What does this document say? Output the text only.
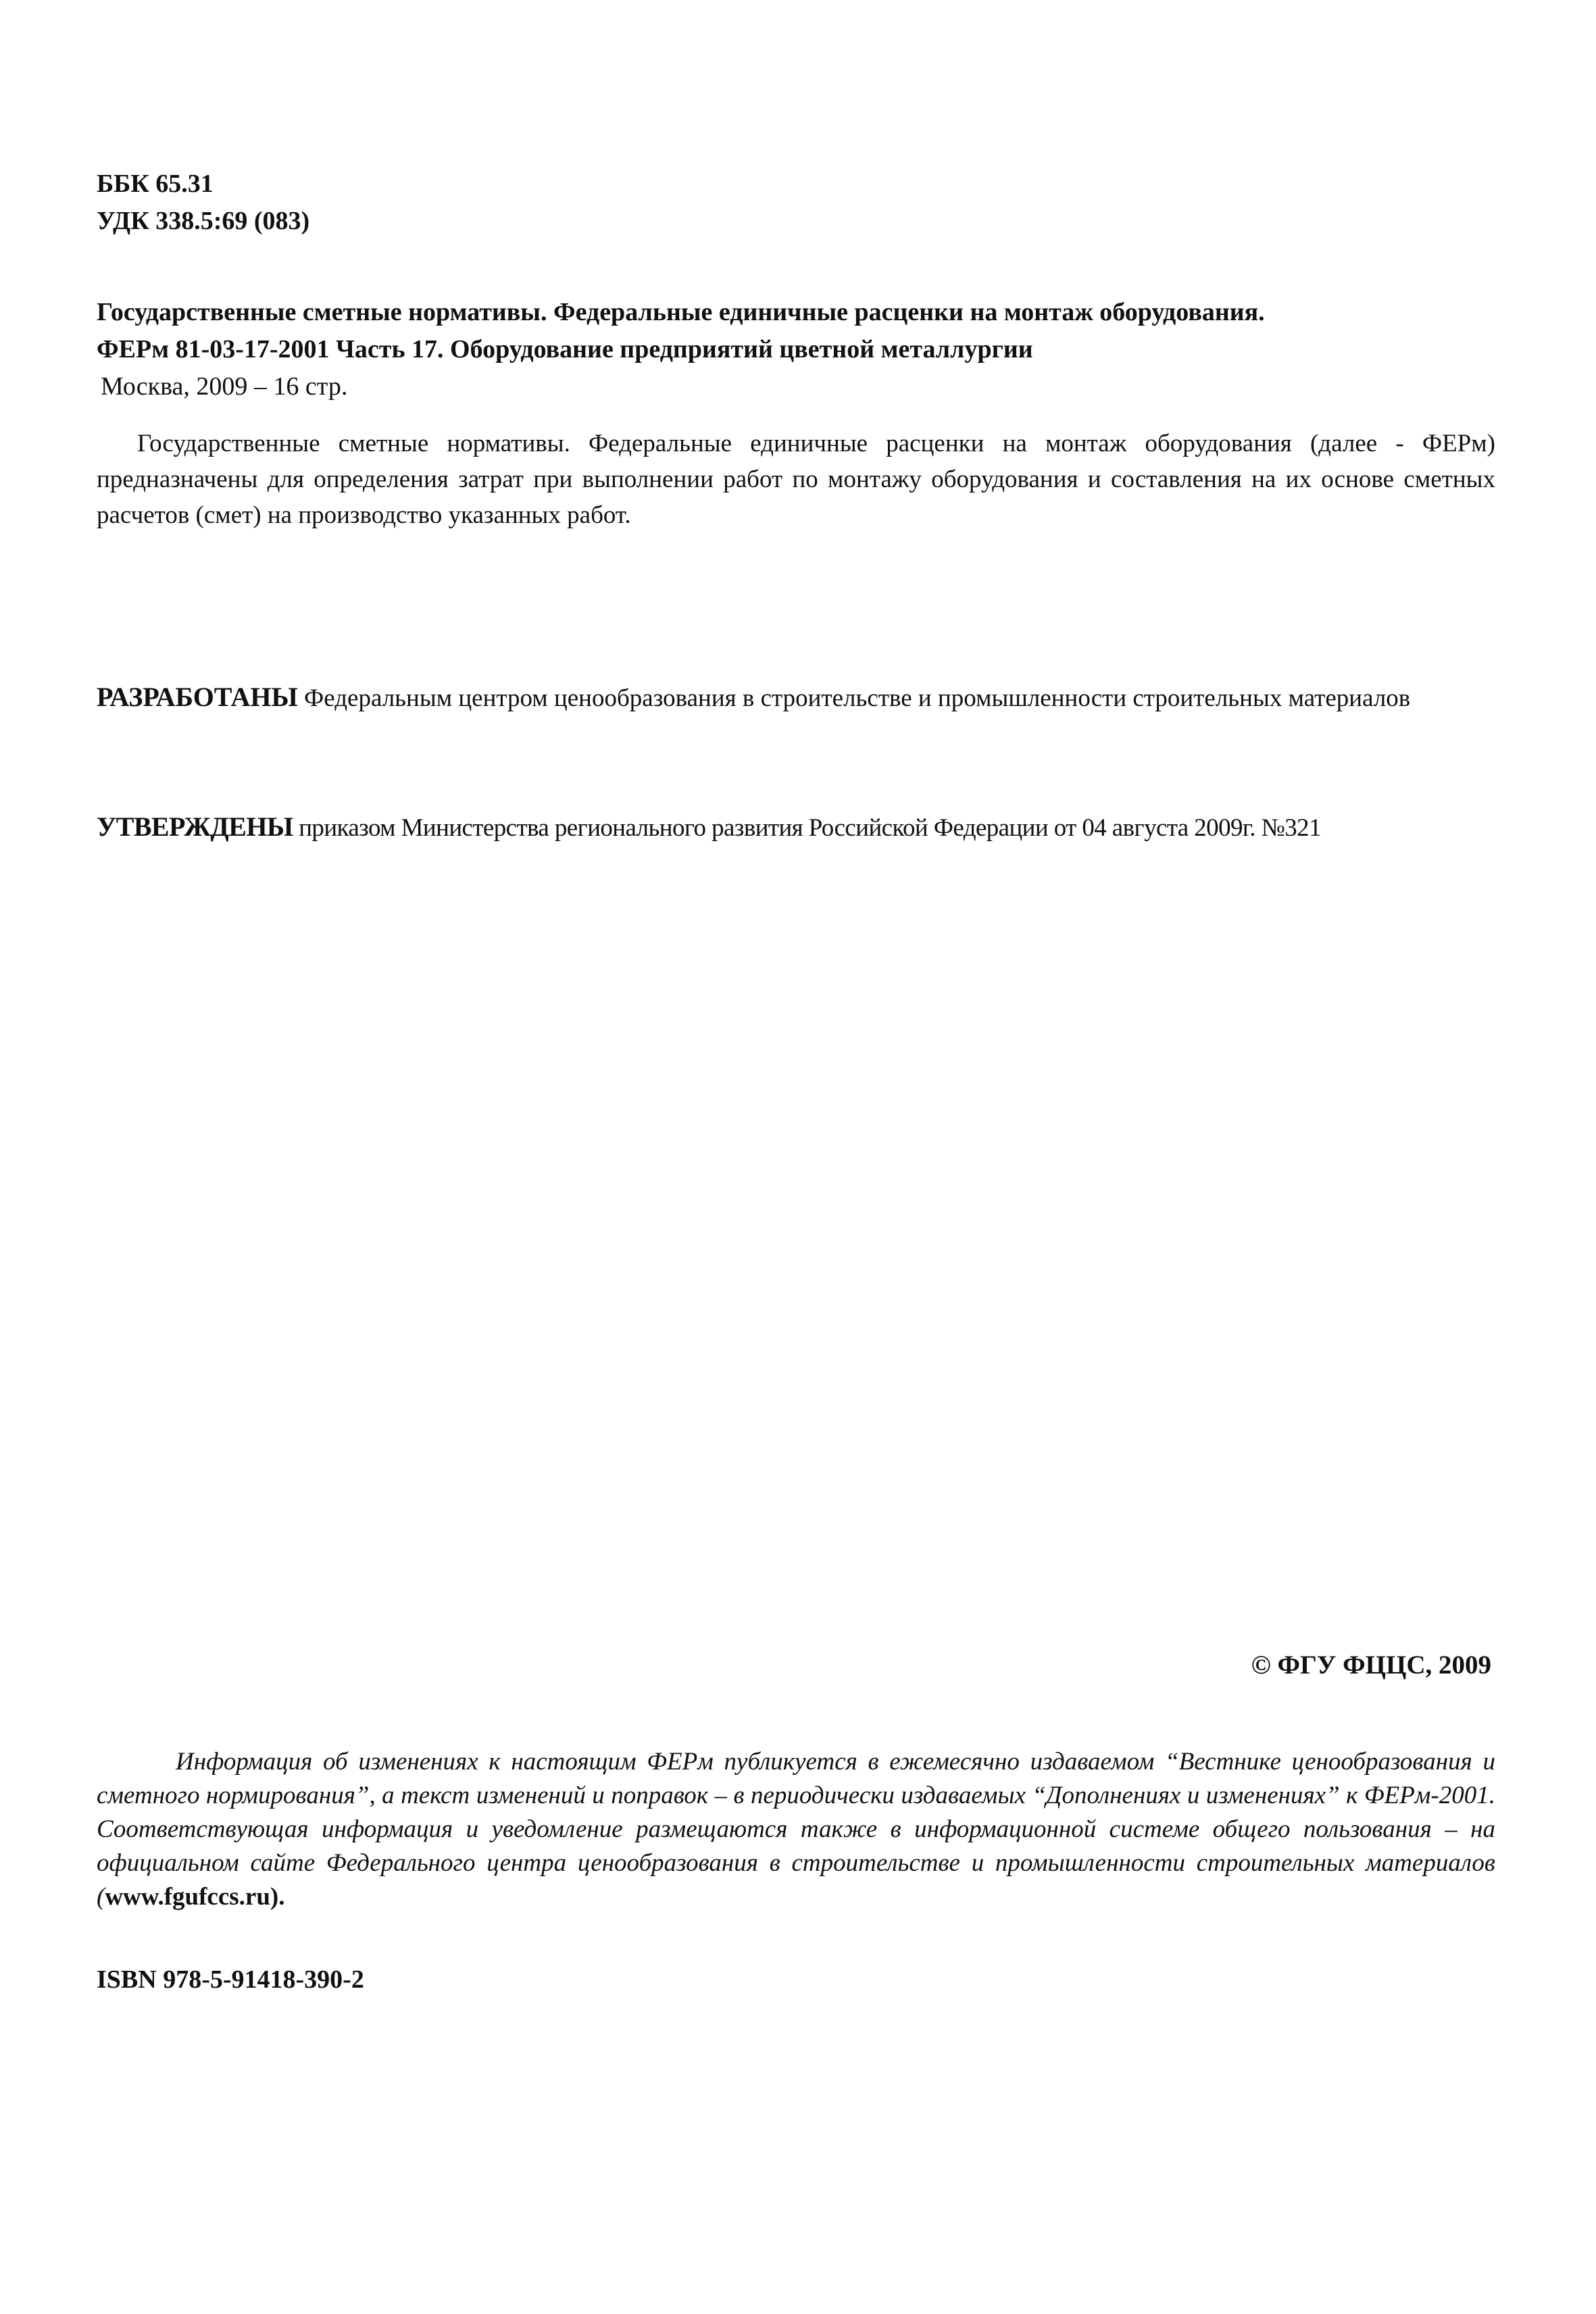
ББК 65.31
УДК 338.5:69 (083)
Государственные сметные нормативы. Федеральные единичные расценки на монтаж оборудования.
ФЕРм 81-03-17-2001 Часть 17. Оборудование предприятий цветной металлургии
Москва, 2009 – 16 стр.
Государственные сметные нормативы. Федеральные единичные расценки на монтаж оборудования (далее - ФЕРм) предназначены для определения затрат при выполнении работ по монтажу оборудования и составления на их основе сметных расчетов (смет) на производство указанных работ.
РАЗРАБОТАНЫ Федеральным центром ценообразования в строительстве и промышленности строительных материалов
УТВЕРЖДЕНЫ приказом Министерства регионального развития Российской Федерации от 04 августа 2009г. №321
© ФГУ ФЦЦС, 2009
Информация об изменениях к настоящим ФЕРм публикуется в ежемесячно издаваемом “Вестнике ценообразования и сметного нормирования”, а текст изменений и поправок – в периодически издаваемых “Дополнениях и изменениях” к ФЕРм-2001. Соответствующая информация и уведомление размещаются также в информационной системе общего пользования – на официальном сайте Федерального центра ценообразования в строительстве и промышленности строительных материалов (www.fgufccs.ru).
ISBN 978-5-91418-390-2
